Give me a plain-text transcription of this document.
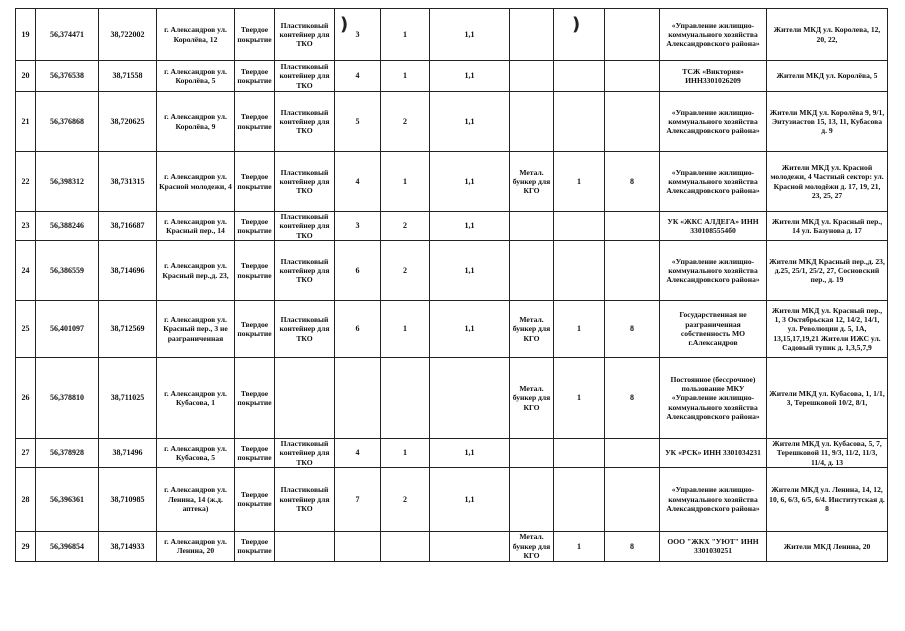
19	56,374471	38,722002	г. Александров ул. Королёва, 12	Твердое покрытие	Пластиковый контейнер для ТКО	3	1	1,1				«Управление жилищно-коммунального хозяйства Александровского района»	Жители МКД ул. Королева, 12, 20, 22,
20	56,376538	38,71558	г. Александров ул. Королёва, 5	Твердое покрытие	Пластиковый контейнер для ТКО	4	1	1,1				ТСЖ «Виктория» ИНН3301026209	Жители МКД ул. Королёва, 5
21	56,376868	38,720625	г. Александров ул. Королёва, 9	Твердое покрытие	Пластиковый контейнер для ТКО	5	2	1,1				«Управление жилищно-коммунального хозяйства Александровского района»	Жители МКД ул. Королёва 9, 9/1, Энтузиастов 15, 13, 11, Кубасова д. 9
22	56,398312	38,731315	г. Александров ул. Красной молодежи, 4	Твердое покрытие	Пластиковый контейнер для ТКО	4	1	1,1	Метал. бункер для КГО	1	8	«Управление жилищно-коммунального хозяйства Александровского района»	Жители МКД ул. Красной молодежи, 4 Частный сектор: ул. Красной молодёжи д. 17, 19, 21, 23, 25, 27
23	56,388246	38,716687	г. Александров ул. Красный пер., 14	Твердое покрытие	Пластиковый контейнер для ТКО	3	2	1,1				УК «ЖКС АЛДЕГА» ИНН 3301085554б0	Жители МКД ул. Красный пер., 14 ул. Базунова д. 17
24	56,386559	38,714696	г. Александров ул. Красный пер.,д. 23,	Твердое покрытие	Пластиковый контейнер для ТКО	6	2	1,1				«Управление жилищно-коммунального хозяйства Александровского района»	Жители МКД Красный пер.,д. 23, д.25, 25/1, 25/2, 27, Сосновский пер., д. 19
25	56,401097	38,712569	г. Александров ул. Красный пер., 3 не разграниченная	Твердое покрытие	Пластиковый контейнер для ТКО	6	1	1,1	Метал. бункер для КГО	1	8	Государственная не разграниченная собственность МО г.Александров	Жители МКД ул. Красный пер., 1, 3 Октябрьская 12, 14/2, 14/1, ул. Революции д. 5, 1А, 13,15,17,19,21 Жители ИЖС ул. Садовый тупик д. 1,3,5,7,9
26	56,378810	38,711025	г. Александров ул. Кубасова, 1	Твердое покрытие					Метал. бункер для КГО	1	8	Постоянное (бессрочное) пользование МКУ «Управление жилищно-коммунального хозяйства Александровского района»	Жители МКД ул. Кубасова, 1, 1/1, 3, Терешковой 10/2, 8/1,
27	56,378928	38,71496	г. Александров ул. Кубасова, 5	Твердое покрытие	Пластиковый контейнер для ТКО	4	1	1,1				УК «РСК» ИНН 3301034231	Жители МКД ул. Кубасова, 5, 7, Терешковой 11, 9/3, 11/2, 11/3, 11/4, д. 13
28	56,396361	38,710985	г. Александров ул. Ленина, 14 (ж.д. аптека)	Твердое покрытие	Пластиковый контейнер для ТКО	7	2	1,1				«Управление жилищно-коммунального хозяйства Александровского района»	Жители МКД ул. Ленина, 14, 12, 10, 6, 6/3, 6/5, 6/4. Институтская д. 8
29	56,396854	38,714933	г. Александров ул. Ленина, 20	Твердое покрытие					Метал. бункер для КГО	1	8	ООО "ЖКХ "УЮТ" ИНН 3301030251	Жители МКД Ленина, 20
)	)
